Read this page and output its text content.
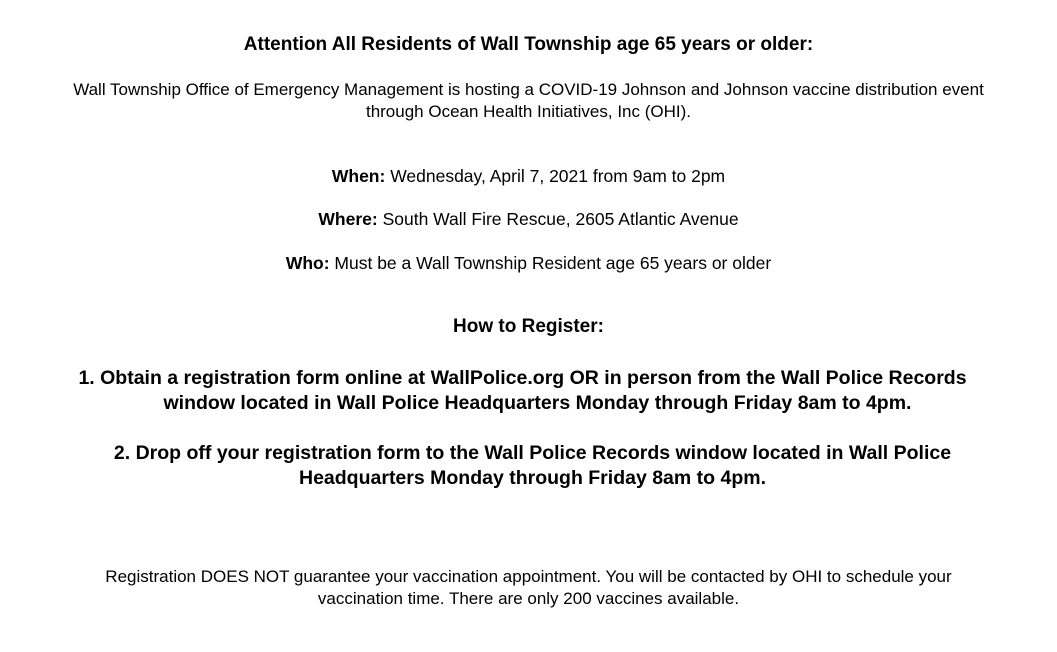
Attention All Residents of Wall Township age 65 years or older:
Wall Township Office of Emergency Management is hosting a COVID-19 Johnson and Johnson vaccine distribution event
through Ocean Health Initiatives, Inc (OHI).
When: Wednesday, April 7, 2021 from 9am to 2pm
Where: South Wall Fire Rescue, 2605 Atlantic Avenue
Who: Must be a Wall Township Resident age 65 years or older
How to Register:
1. Obtain a registration form online at WallPolice.org OR in person from the Wall Police Records
window located in Wall Police Headquarters Monday through Friday 8am to 4pm.
2. Drop off your registration form to the Wall Police Records window located in Wall Police
Headquarters Monday through Friday 8am to 4pm.
Registration DOES NOT guarantee your vaccination appointment. You will be contacted by OHI to schedule your
vaccination time. There are only 200 vaccines available.
